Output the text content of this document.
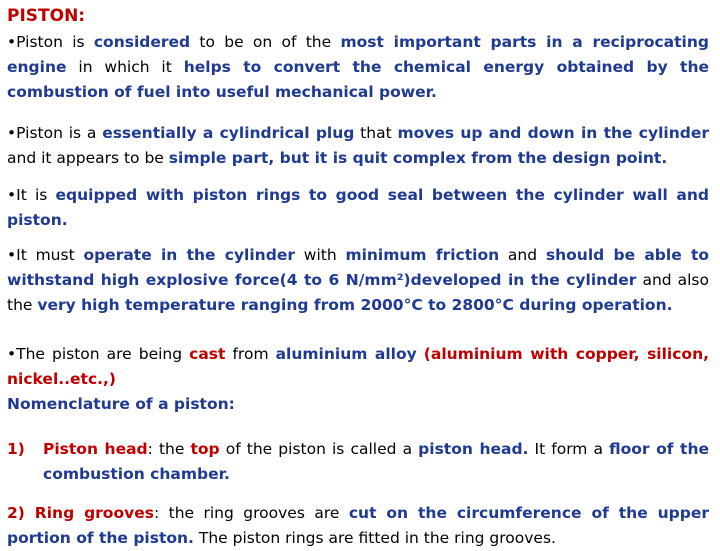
PISTON:

•Piston is considered to be on of the most important parts in a reciprocating engine in which it helps to convert the chemical energy obtained by the combustion of fuel into useful mechanical power.

•Piston is a essentially a cylindrical plug that moves up and down in the cylinder and it appears to be simple part, but it is quit complex from the design point.

•It is equipped with piston rings to good seal between the cylinder wall and piston.

•It must operate in the cylinder with minimum friction and should be able to withstand high explosive force(4 to 6 N/mm²)developed in the cylinder and also the very high temperature ranging from 2000°C to 2800°C during operation.

•The piston are being cast from aluminium alloy (aluminium with copper, silicon, nickel..etc.,)
Nomenclature of a piston:

1)	Piston head: the top of the piston is called a piston head. It form a floor of the combustion chamber.

2) Ring grooves: the ring grooves are cut on the circumference of the upper portion of the piston. The piston rings are fitted in the ring grooves.
